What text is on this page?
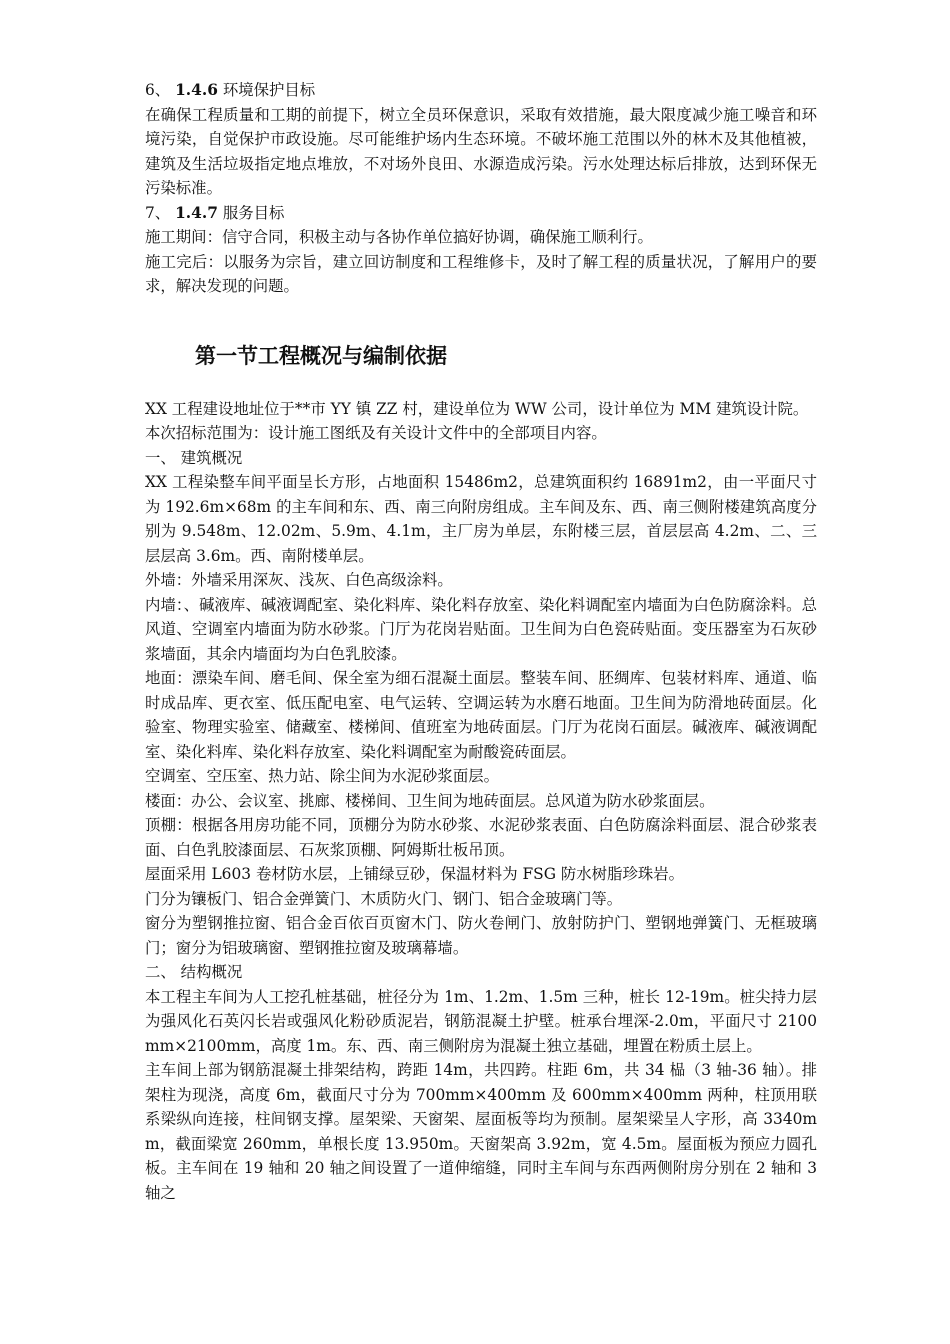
6、 1.4.6 环境保护目标

在确保工程质量和工期的前提下，树立全员环保意识，采取有效措施，最大限度减少施工噪音和环境污染，自觉保护市政设施。尽可能维护场内生态环境。不破坏施工范围以外的林木及其他植被，建筑及生活垃圾指定地点堆放，不对场外良田、水源造成污染。污水处理达标后排放，达到环保无污染标准。

7、 1.4.7 服务目标

施工期间：信守合同，积极主动与各协作单位搞好协调，确保施工顺利行。

施工完后：以服务为宗旨，建立回访制度和工程维修卡，及时了解工程的质量状况，了解用户的要求，解决发现的问题。

第一节工程概况与编制依据

XX 工程建设地址位于**市 YY 镇 ZZ 村，建设单位为 WW 公司，设计单位为 MM 建筑设计院。

本次招标范围为：设计施工图纸及有关设计文件中的全部项目内容。

一、 建筑概况

XX 工程染整车间平面呈长方形，占地面积 15486m2，总建筑面积约 16891m2，由一平面尺寸为 192.6m×68m 的主车间和东、西、南三向附房组成。主车间及东、西、南三侧附楼建筑高度分别为 9.548m、12.02m、5.9m、4.1m，主厂房为单层，东附楼三层，首层层高 4.2m、二、三层层高 3.6m。西、南附楼单层。

外墙：外墙采用深灰、浅灰、白色高级涂料。

内墙：、碱液库、碱液调配室、染化料库、染化料存放室、染化料调配室内墙面为白色防腐涂料。总风道、空调室内墙面为防水砂浆。门厅为花岗岩贴面。卫生间为白色瓷砖贴面。变压器室为石灰砂浆墙面，其余内墙面均为白色乳胶漆。

地面：漂染车间、磨毛间、保全室为细石混凝土面层。整装车间、胚绸库、包装材料库、通道、临时成品库、更衣室、低压配电室、电气运转、空调运转为水磨石地面。卫生间为防滑地砖面层。化验室、物理实验室、储藏室、楼梯间、值班室为地砖面层。门厅为花岗石面层。碱液库、碱液调配室、染化料库、染化料存放室、染化料调配室为耐酸瓷砖面层。

空调室、空压室、热力站、除尘间为水泥砂浆面层。

楼面：办公、会议室、挑廊、楼梯间、卫生间为地砖面层。总风道为防水砂浆面层。

顶棚：根据各用房功能不同，顶棚分为防水砂浆、水泥砂浆表面、白色防腐涂料面层、混合砂浆表面、白色乳胶漆面层、石灰浆顶棚、阿姆斯壮板吊顶。

屋面采用 L603 卷材防水层，上铺绿豆砂，保温材料为 FSG 防水树脂珍珠岩。

门分为镶板门、铝合金弹簧门、木质防火门、钢门、铝合金玻璃门等。

窗分为塑钢推拉窗、铝合金百依百页窗木门、防火卷闸门、放射防护门、塑钢地弹簧门、无框玻璃门；窗分为铝玻璃窗、塑钢推拉窗及玻璃幕墙。

二、 结构概况

本工程主车间为人工挖孔桩基础，桩径分为 1m、1.2m、1.5m 三种，桩长 12-19m。桩尖持力层为强风化石英闪长岩或强风化粉砂质泥岩，钢筋混凝土护壁。桩承台埋深-2.0m，平面尺寸 2100mm×2100mm，高度 1m。东、西、南三侧附房为混凝土独立基础，埋置在粉质土层上。

主车间上部为钢筋混凝土排架结构，跨距 14m，共四跨。柱距 6m，共 34 榀（3 轴-36 轴）。排架柱为现浇，高度 6m，截面尺寸分为 700mm×400mm 及 600mm×400mm 两种，柱顶用联系梁纵向连接，柱间钢支撑。屋架梁、天窗架、屋面板等均为预制。屋架梁呈人字形，高 3340mm，截面梁宽 260mm，单根长度 13.950m。天窗架高 3.92m，宽 4.5m。屋面板为预应力圆孔板。主车间在 19 轴和 20 轴之间设置了一道伸缩缝，同时主车间与东西两侧附房分别在 2 轴和 3 轴之
